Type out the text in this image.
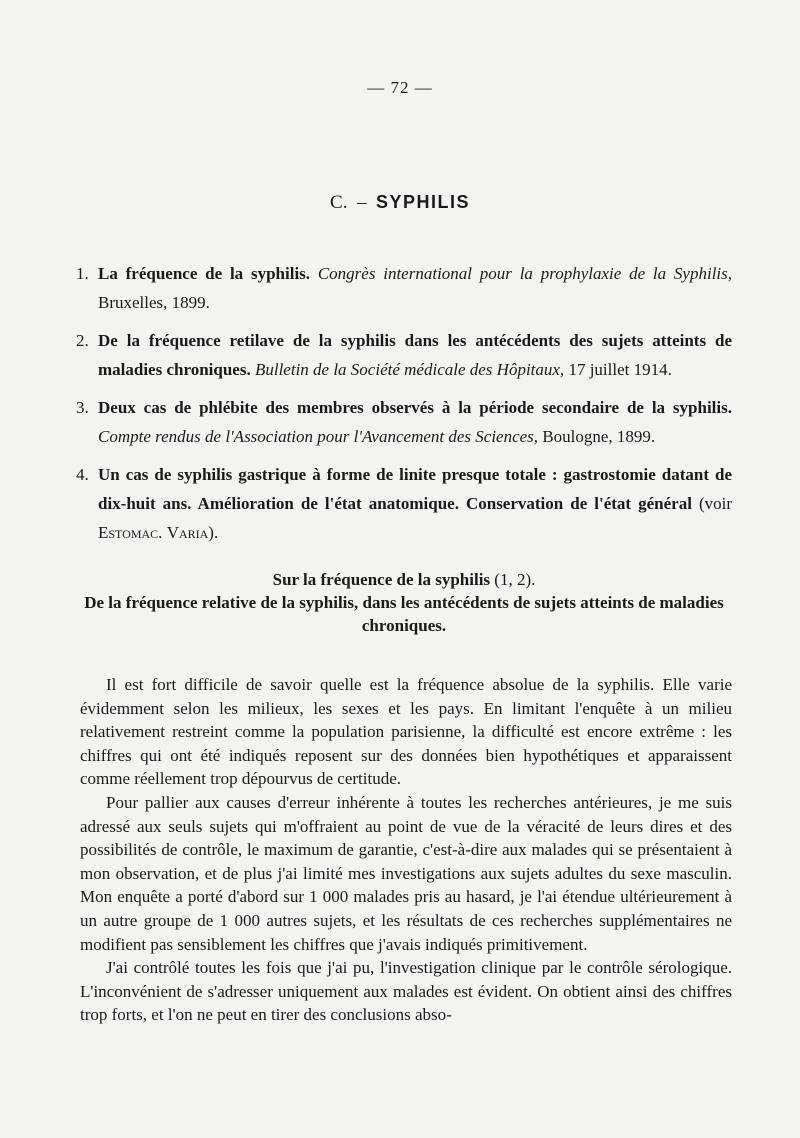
— 72 —
C. – SYPHILIS
1. La fréquence de la syphilis. Congrès international pour la prophylaxie de la Syphilis, Bruxelles, 1899.
2. De la fréquence retilave de la syphilis dans les antécédents des sujets atteints de maladies chroniques. Bulletin de la Société médicale des Hôpitaux, 17 juillet 1914.
3. Deux cas de phlébite des membres observés à la période secondaire de la syphilis. Compte rendus de l'Association pour l'Avancement des Sciences, Boulogne, 1899.
4. Un cas de syphilis gastrique à forme de linite presque totale : gastrostomie datant de dix-huit ans. Amélioration de l'état anatomique. Conservation de l'état général (voir Estomac. Varia).
Sur la fréquence de la syphilis (1, 2).
De la fréquence relative de la syphilis, dans les antécédents de sujets atteints de maladies chroniques.

Il est fort difficile de savoir quelle est la fréquence absolue de la syphilis. Elle varie évidemment selon les milieux, les sexes et les pays. En limitant l'enquête à un milieu relativement restreint comme la population parisienne, la difficulté est encore extrême : les chiffres qui ont été indiqués reposent sur des données bien hypothétiques et apparaissent comme réellement trop dépourvus de certitude.

Pour pallier aux causes d'erreur inhérente à toutes les recherches antérieures, je me suis adressé aux seuls sujets qui m'offraient au point de vue de la véracité de leurs dires et des possibilités de contrôle, le maximum de garantie, c'est-à-dire aux malades qui se présentaient à mon observation, et de plus j'ai limité mes investigations aux sujets adultes du sexe masculin. Mon enquête a porté d'abord sur 1 000 malades pris au hasard, je l'ai étendue ultérieurement à un autre groupe de 1 000 autres sujets, et les résultats de ces recherches supplémentaires ne modifient pas sensiblement les chiffres que j'avais indiqués primitivement.

J'ai contrôlé toutes les fois que j'ai pu, l'investigation clinique par le contrôle sérologique. L'inconvénient de s'adresser uniquement aux malades est évident. On obtient ainsi des chiffres trop forts, et l'on ne peut en tirer des conclusions abso-
